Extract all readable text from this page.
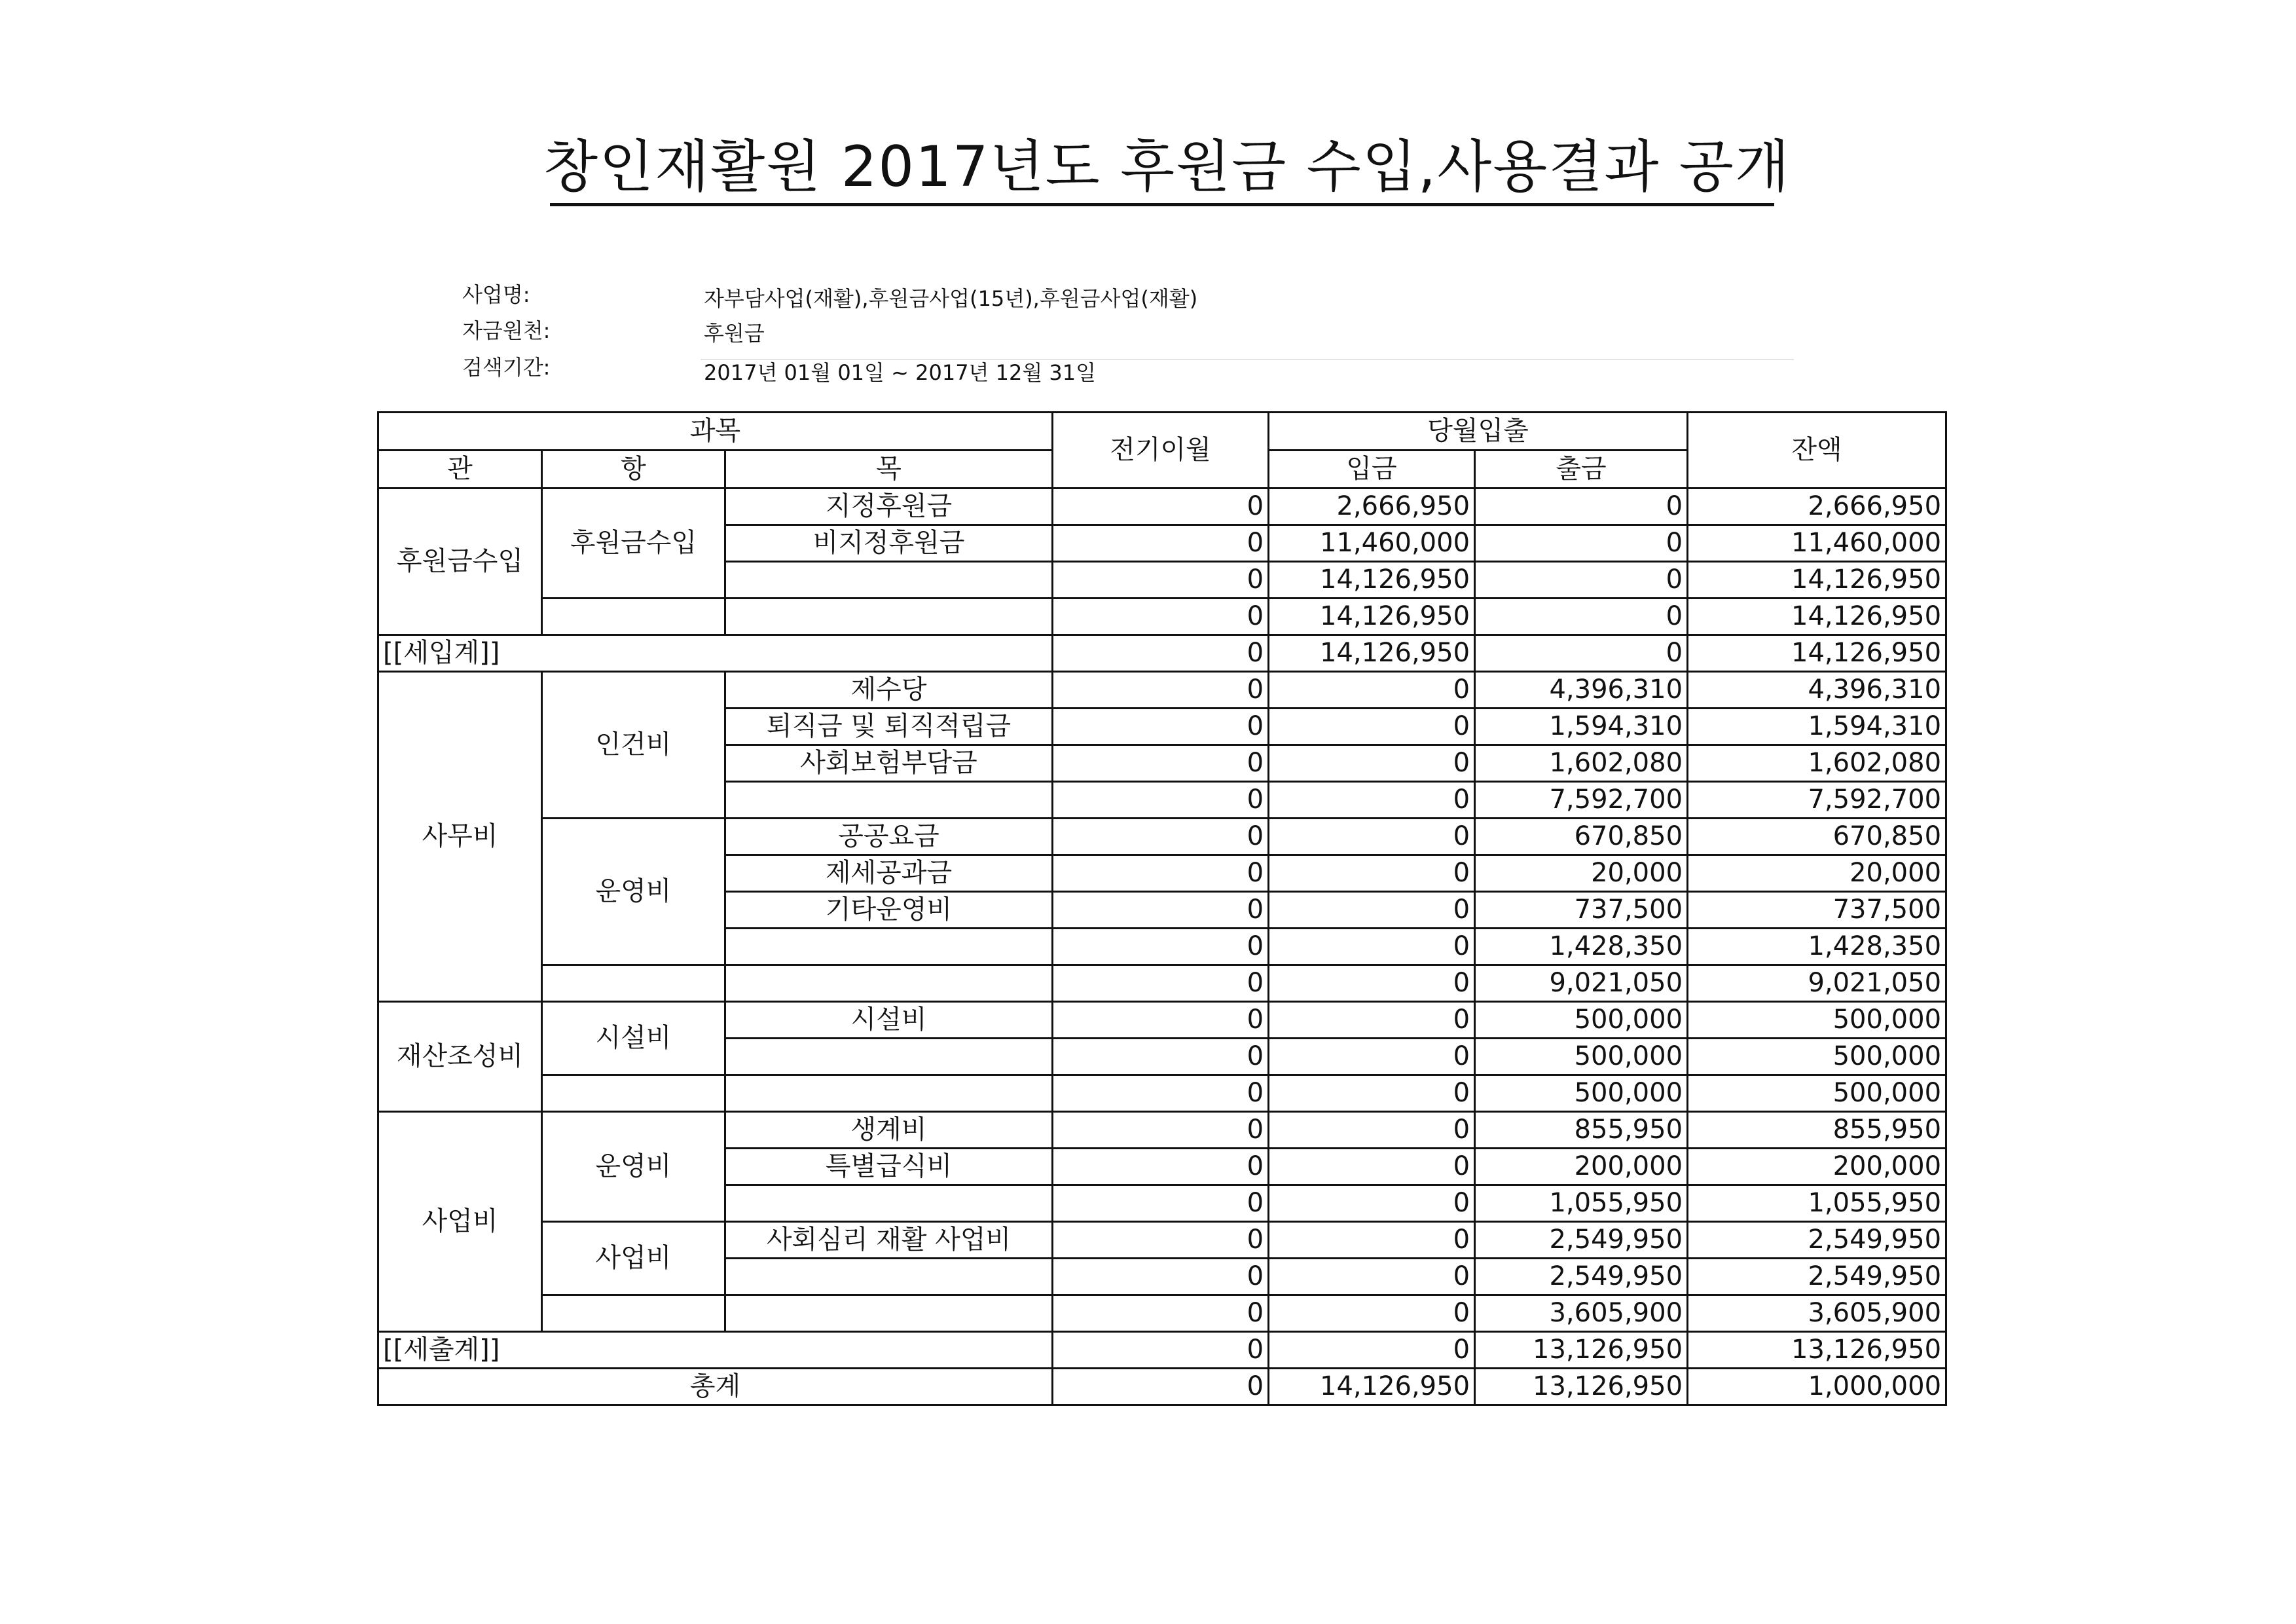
창인재활원 2017년도 후원금 수입,사용결과 공개
사업명:	자부담사업(재활),후원금사업(15년),후원금사업(재활)
자금원천:	후원금
검색기간:	2017년 01월 01일 ~ 2017년 12월 31일
과목			전기이월	당월입출		잔액
관	항	목		입금	출금	

후원금수입	후원금수입	지정후원금	0	2,666,950	0	2,666,950
		비지정후원금	0	11,460,000	0	11,460,000
			0	14,126,950	0	14,126,950
			0	14,126,950	0	14,126,950
[[세입계]]			0	14,126,950	0	14,126,950
사무비	인건비	제수당	0	0	4,396,310	4,396,310
		퇴직금 및 퇴직적립금	0	0	1,594,310	1,594,310
		사회보험부담금	0	0	1,602,080	1,602,080
			0	0	7,592,700	7,592,700
	운영비	공공요금	0	0	670,850	670,850
		제세공과금	0	0	20,000	20,000
		기타운영비	0	0	737,500	737,500
			0	0	1,428,350	1,428,350
			0	0	9,021,050	9,021,050
재산조성비	시설비	시설비	0	0	500,000	500,000
			0	0	500,000	500,000
			0	0	500,000	500,000
사업비	운영비	생계비	0	0	855,950	855,950
		특별급식비	0	0	200,000	200,000
			0	0	1,055,950	1,055,950
	사업비	사회심리 재활 사업비	0	0	2,549,950	2,549,950
			0	0	2,549,950	2,549,950
			0	0	3,605,900	3,605,900
[[세출계]]			0	0	13,126,950	13,126,950
총계			0	14,126,950	13,126,950	1,000,000
